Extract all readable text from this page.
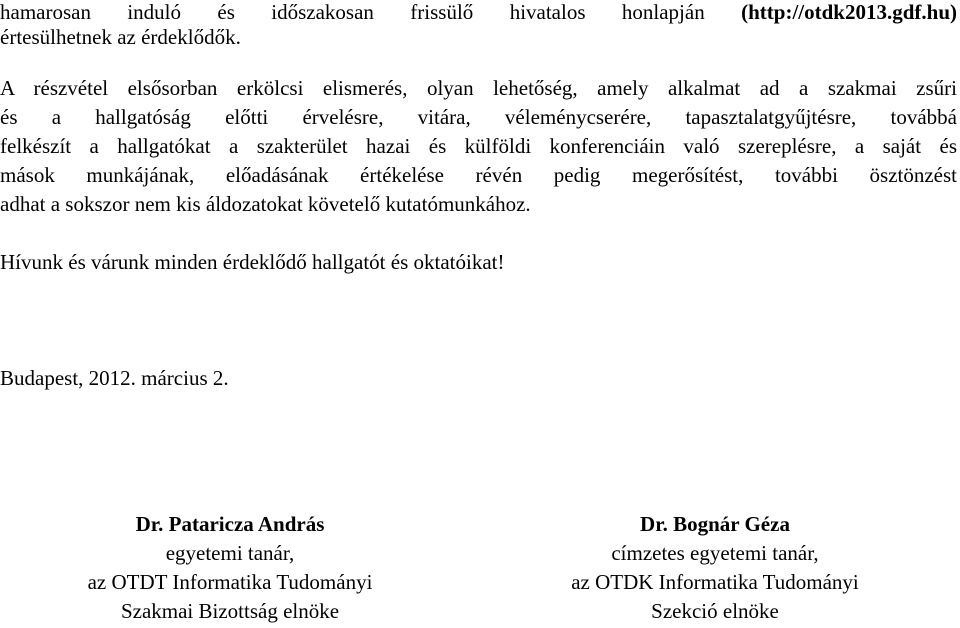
hamarosan induló és időszakosan frissülő hivatalos honlapján (http://otdk2013.gdf.hu)
értesülhetnek az érdeklődők.
A részvétel elsősorban erkölcsi elismerés, olyan lehetőség, amely alkalmat ad a szakmai zsűri
és a hallgatóság előtti érvelésre, vitára, véleménycserére, tapasztalatgyűjtésre, továbbá
felkészít a hallgatókat a szakterület hazai és külföldi konferenciáin való szereplésre, a saját és
mások munkájának, előadásának értékelése révén pedig megerősítést, további ösztönzést
adhat a sokszor nem kis áldozatokat követelő kutatómunkához.
Hívunk és várunk minden érdeklődő hallgatót és oktatóikat!
Budapest, 2012. március 2.
Dr. Pataricza András
egyetemi tanár,
az OTDT Informatika Tudományi
Szakmai Bizottság elnöke
Dr. Bognár Géza
címzetes egyetemi tanár,
az OTDK Informatika Tudományi
Szekció elnöke
